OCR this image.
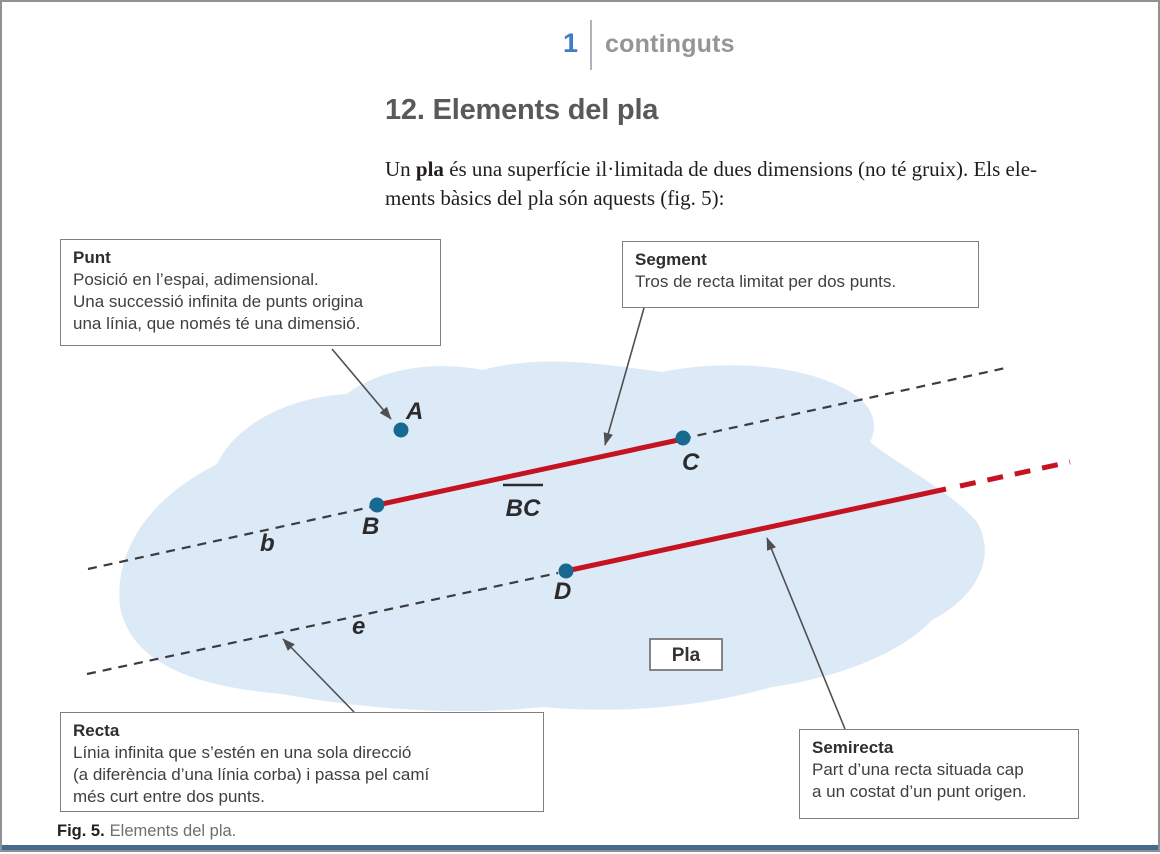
1 continguts
12. Elements del pla
Un pla és una superfície il·limitada de dues dimensions (no té gruix). Els ele-
ments bàsics del pla són aquests (fig. 5):
A
B
C
D
b
e
BC
Pla
Punt
Posició en l’espai, adimensional.
Una successió infinita de punts origina
una línia, que només té una dimensió.
Segment
Tros de recta limitat per dos punts.
Recta
Línia infinita que s’estén en una sola direcció
(a diferència d’una línia corba) i passa pel camí
més curt entre dos punts.
Semirecta
Part d’una recta situada cap
a un costat d’un punt origen.
Fig. 5. Elements del pla.
